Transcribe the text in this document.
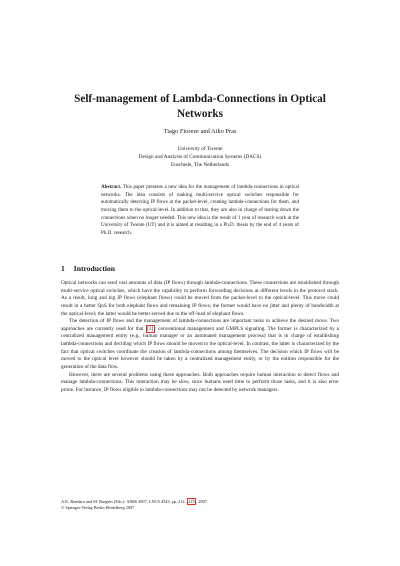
Self-management of Lambda-Connections in Optical Networks
Tiago Fioreze and Aiko Pras
University of Twente
Design and Analysis of Communication Systems (DACS)
Enschede, The Netherlands
Abstract. This paper presents a new idea for the management of lambda-connections in optical networks. The idea consists of making multi-service optical switches responsible for automatically detecting IP flows at the packet-level, creating lambda-connections for them, and moving them to the optical-level. In addition to that, they are also in charge of tearing down the connections when no longer needed. This new idea is the result of 1 year of research work at the University of Twente (UT) and it is aimed at resulting in a Ph.D. thesis by the end of 4 years of Ph.D. research.
1 Introduction

Optical networks can send vast amounts of data (IP flows) through lambda-connections. These connections are established through multi-service optical switches, which have the capability to perform forwarding decisions at different levels in the protocol stack. As a result, long and big IP flows (elephant flows) could be moved from the packet-level to the optical-level. This move could result in a better QoS for both elephant flows and remaining IP flows; the former would have no jitter and plenty of bandwidth at the optical-level; the latter would be better served due to the off-load of elephant flows.

The detection of IP flows and the management of lambda-connections are important tasks to achieve the desired move. Two approaches are currently used for that [1] : conventional management and GMPLS signaling. The former is characterized by a centralized management entity (e.g., human manager or an automated management process) that is in charge of establishing lambda-connections and deciding which IP flows should be moved to the optical-level. In contrast, the latter is characterized by the fact that optical switches coordinate the creation of lambda-connections among themselves. The decision which IP flows will be moved to the optical level however should be taken by a centralized management entity, or by the entities responsible for the generation of the data flow.

However, there are several problems using these approaches. Both approaches require human interaction to detect flows and manage lambda-connections. This interaction may be slow, since humans need time to perform those tasks, and it is also error prone. For instance, IP flows eligible to lambda-connections may not be detected by network managers.

A.K. Bandara and M. Burgess (Eds.): AIMS 2007, LNCS 4543, pp. 212– 215 , 2007.
© Springer-Verlag Berlin Heidelberg 2007
